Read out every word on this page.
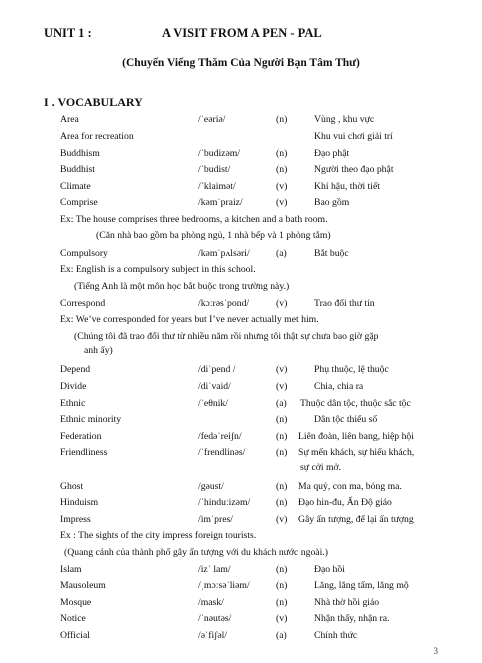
UNIT 1 :	A VISIT FROM A PEN - PAL
(Chuyến Viếng Thăm Của Người Bạn Tâm Thư)
I . VOCABULARY
Area	/ˈeəriə/	(n)	Vùng , khu vực
Area for recreation	Khu vui chơi giải trí
Buddhism	/ˈbudizəm/	(n)	Đạo phật
Buddhist	/ˈbudist/	(n)	Người theo đạo phật
Climate	/ˋklaimət/	(v)	Khí hậu, thời tiết
Comprise	/kəmˈpraiz/	(v)	Bao gồm
Ex: The house comprises three bedrooms, a kitchen and a bath room.
(Căn nhà bao gồm ba phòng ngủ, 1 nhà bếp và 1 phòng tắm)
Compulsory	/kəmˈpʌlsəri/	(a)	Bắt buộc
Ex: English is a compulsory subject in this school.
(Tiếng Anh là một môn học bắt buộc trong trường này.)
Correspond	/kɔːrəsˈpond/	(v)	Trao đổi thư tín
Ex: We’ve corresponded for years but I’ve never actually met him.
(Chúng tôi đã trao đổi thư từ nhiều năm rồi nhưng tôi thật sự chưa bao giờ gặp
anh ấy)
Depend	/diˈpend /	(v)	Phụ thuộc, lệ thuộc
Divide	/diˈvaid/	(v)	Chia, chia ra
Ethnic	/ˈeθnik/	(a) Thuộc dân tộc, thuộc sắc tộc
Ethnic minority	(n)	Dân tộc thiểu số
Federation	/fedəˈreiʃn/	(n) Liên đoàn, liên bang, hiệp hội
Friendliness	/ˈfrendlinəs/	(n) Sự mến khách, sự hiếu khách,
sự cởi mở.
Ghost	/gəust/	(n) Ma quỷ, con ma, bóng ma.
Hinduism	/ˈhinduːizəm/	(n) Đạo hin-đu, Ấn Độ giáo
Impress	/imˈpres/	(v) Gây ấn tượng, để lại ấn tượng
Ex : The sights of the city impress foreign tourists.
(Quang cảnh của thành phố gây ấn tượng với du khách nước ngoài.)
Islam	/izˈ lam/	(n)	Đạo hồi
Mausoleum	/ˌmɔːsəˈliəm/	(n)	Lăng, lăng tẩm, lăng mộ
Mosque	/mask/	(n)	Nhà thờ hồi giáo
Notice	/ˈnəutəs/	(v)	Nhận thấy, nhận ra.
Official	/əˈfiʃəl/	(a)	Chính thức
3
